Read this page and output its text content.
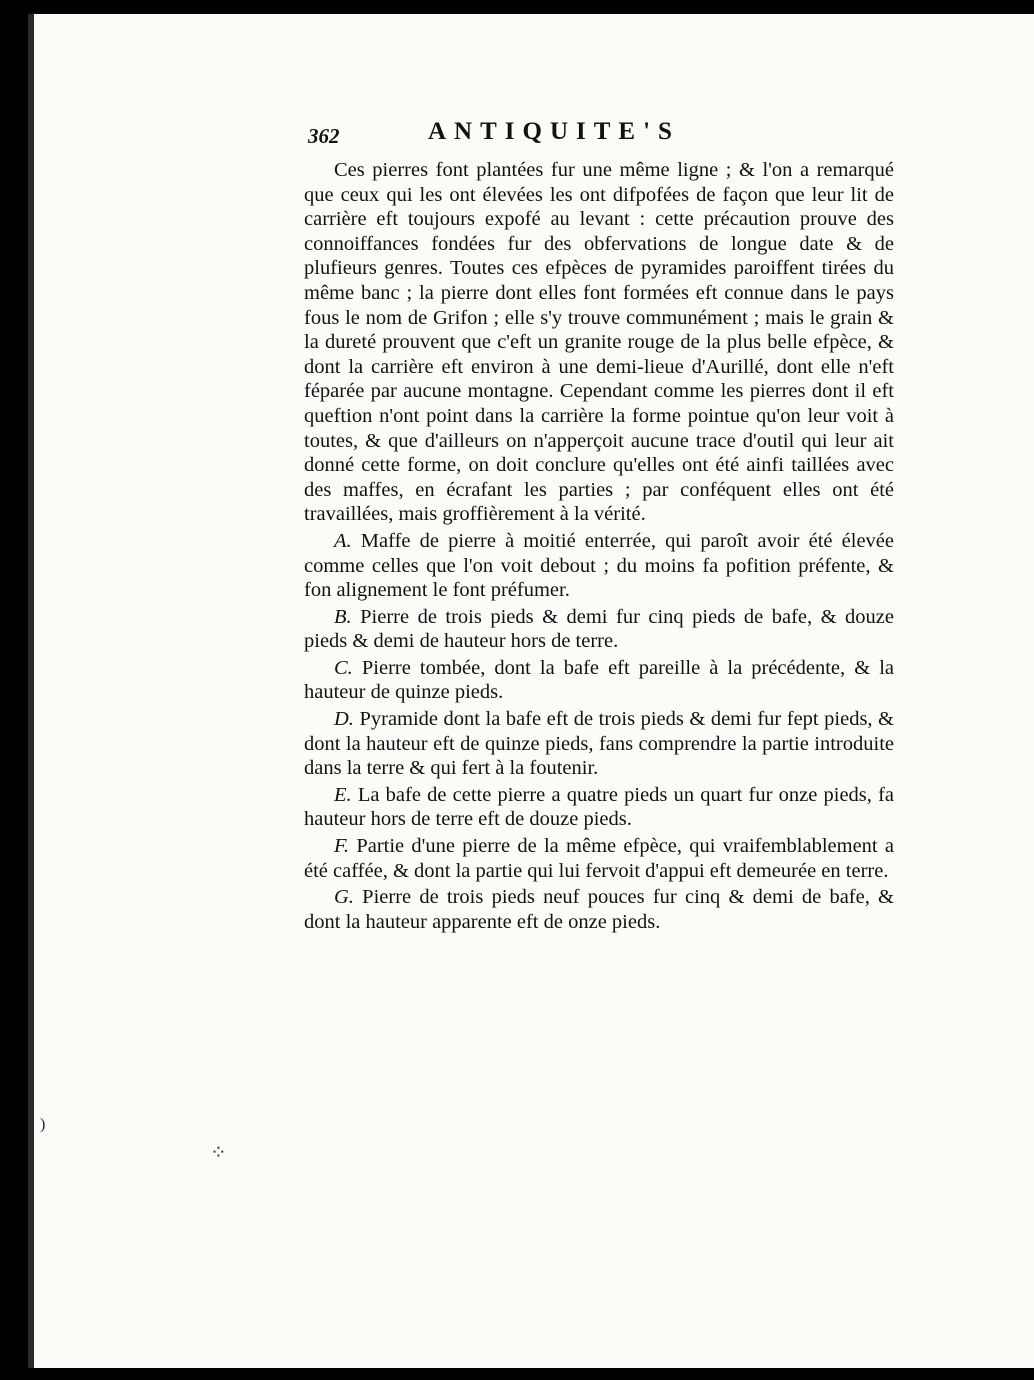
362	ANTIQUITE'S

Ces pierres font plantées fur une même ligne ; & l'on a remarqué que ceux qui les ont élevées les ont difpofées de façon que leur lit de carrière eft toujours expofé au levant : cette précaution prouve des connoiffances fondées fur des obfervations de longue date & de plufieurs genres. Toutes ces efpèces de pyramides paroiffent tirées du même banc ; la pierre dont elles font formées eft connue dans le pays fous le nom de Grifon ; elle s'y trouve communément ; mais le grain & la dureté prouvent que c'eft un granite rouge de la plus belle efpèce, & dont la carrière eft environ à une demi-lieue d'Aurillé, dont elle n'eft féparée par aucune montagne. Cependant comme les pierres dont il eft queftion n'ont point dans la carrière la forme pointue qu'on leur voit à toutes, & que d'ailleurs on n'apperçoit aucune trace d'outil qui leur ait donné cette forme, on doit conclure qu'elles ont été ainfi taillées avec des maffes, en écrafant les parties ; par conféquent elles ont été travaillées, mais groffièrement à la vérité.

A. Maffe de pierre à moitié enterrée, qui paroît avoir été élevée comme celles que l'on voit debout ; du moins fa pofition préfente, & fon alignement le font préfumer.

B. Pierre de trois pieds & demi fur cinq pieds de bafe, & douze pieds & demi de hauteur hors de terre.

C. Pierre tombée, dont la bafe eft pareille à la précédente, & la hauteur de quinze pieds.

D. Pyramide dont la bafe eft de trois pieds & demi fur fept pieds, & dont la hauteur eft de quinze pieds, fans comprendre la partie introduite dans la terre & qui fert à la foutenir.

E. La bafe de cette pierre a quatre pieds un quart fur onze pieds, fa hauteur hors de terre eft de douze pieds.

F. Partie d'une pierre de la même efpèce, qui vraifemblablement a été caffée, & dont la partie qui lui fervoit d'appui eft demeurée en terre.

G. Pierre de trois pieds neuf pouces fur cinq & demi de bafe, & dont la hauteur apparente eft de onze pieds.

⁘
)
